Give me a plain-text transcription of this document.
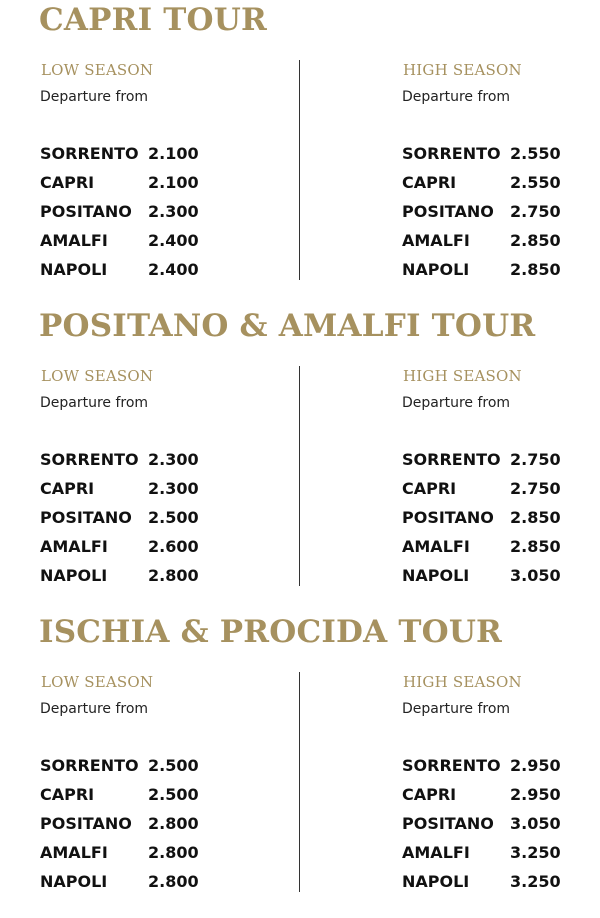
CAPRI TOUR
LOW SEASON
Departure from
SORRENTO 2.100
CAPRI	2.100
POSITANO	2.300
AMALFI	2.400
NAPOLI	2.400
HIGH SEASON
Departure from
SORRENTO 2.550
CAPRI	2.550
POSITANO	2.750
AMALFI	2.850
NAPOLI	2.850
POSITANO & AMALFI TOUR
LOW SEASON
Departure from
SORRENTO 2.300
CAPRI	2.300
POSITANO	2.500
AMALFI	2.600
NAPOLI	2.800
HIGH SEASON
Departure from
SORRENTO 2.750
CAPRI	2.750
POSITANO	2.850
AMALFI	2.850
NAPOLI	3.050
ISCHIA & PROCIDA TOUR
LOW SEASON
Departure from
SORRENTO 2.500
CAPRI	2.500
POSITANO	2.800
AMALFI	2.800
NAPOLI	2.800
HIGH SEASON
Departure from
SORRENTO 2.950
CAPRI	2.950
POSITANO	3.050
AMALFI	3.250
NAPOLI	3.250
